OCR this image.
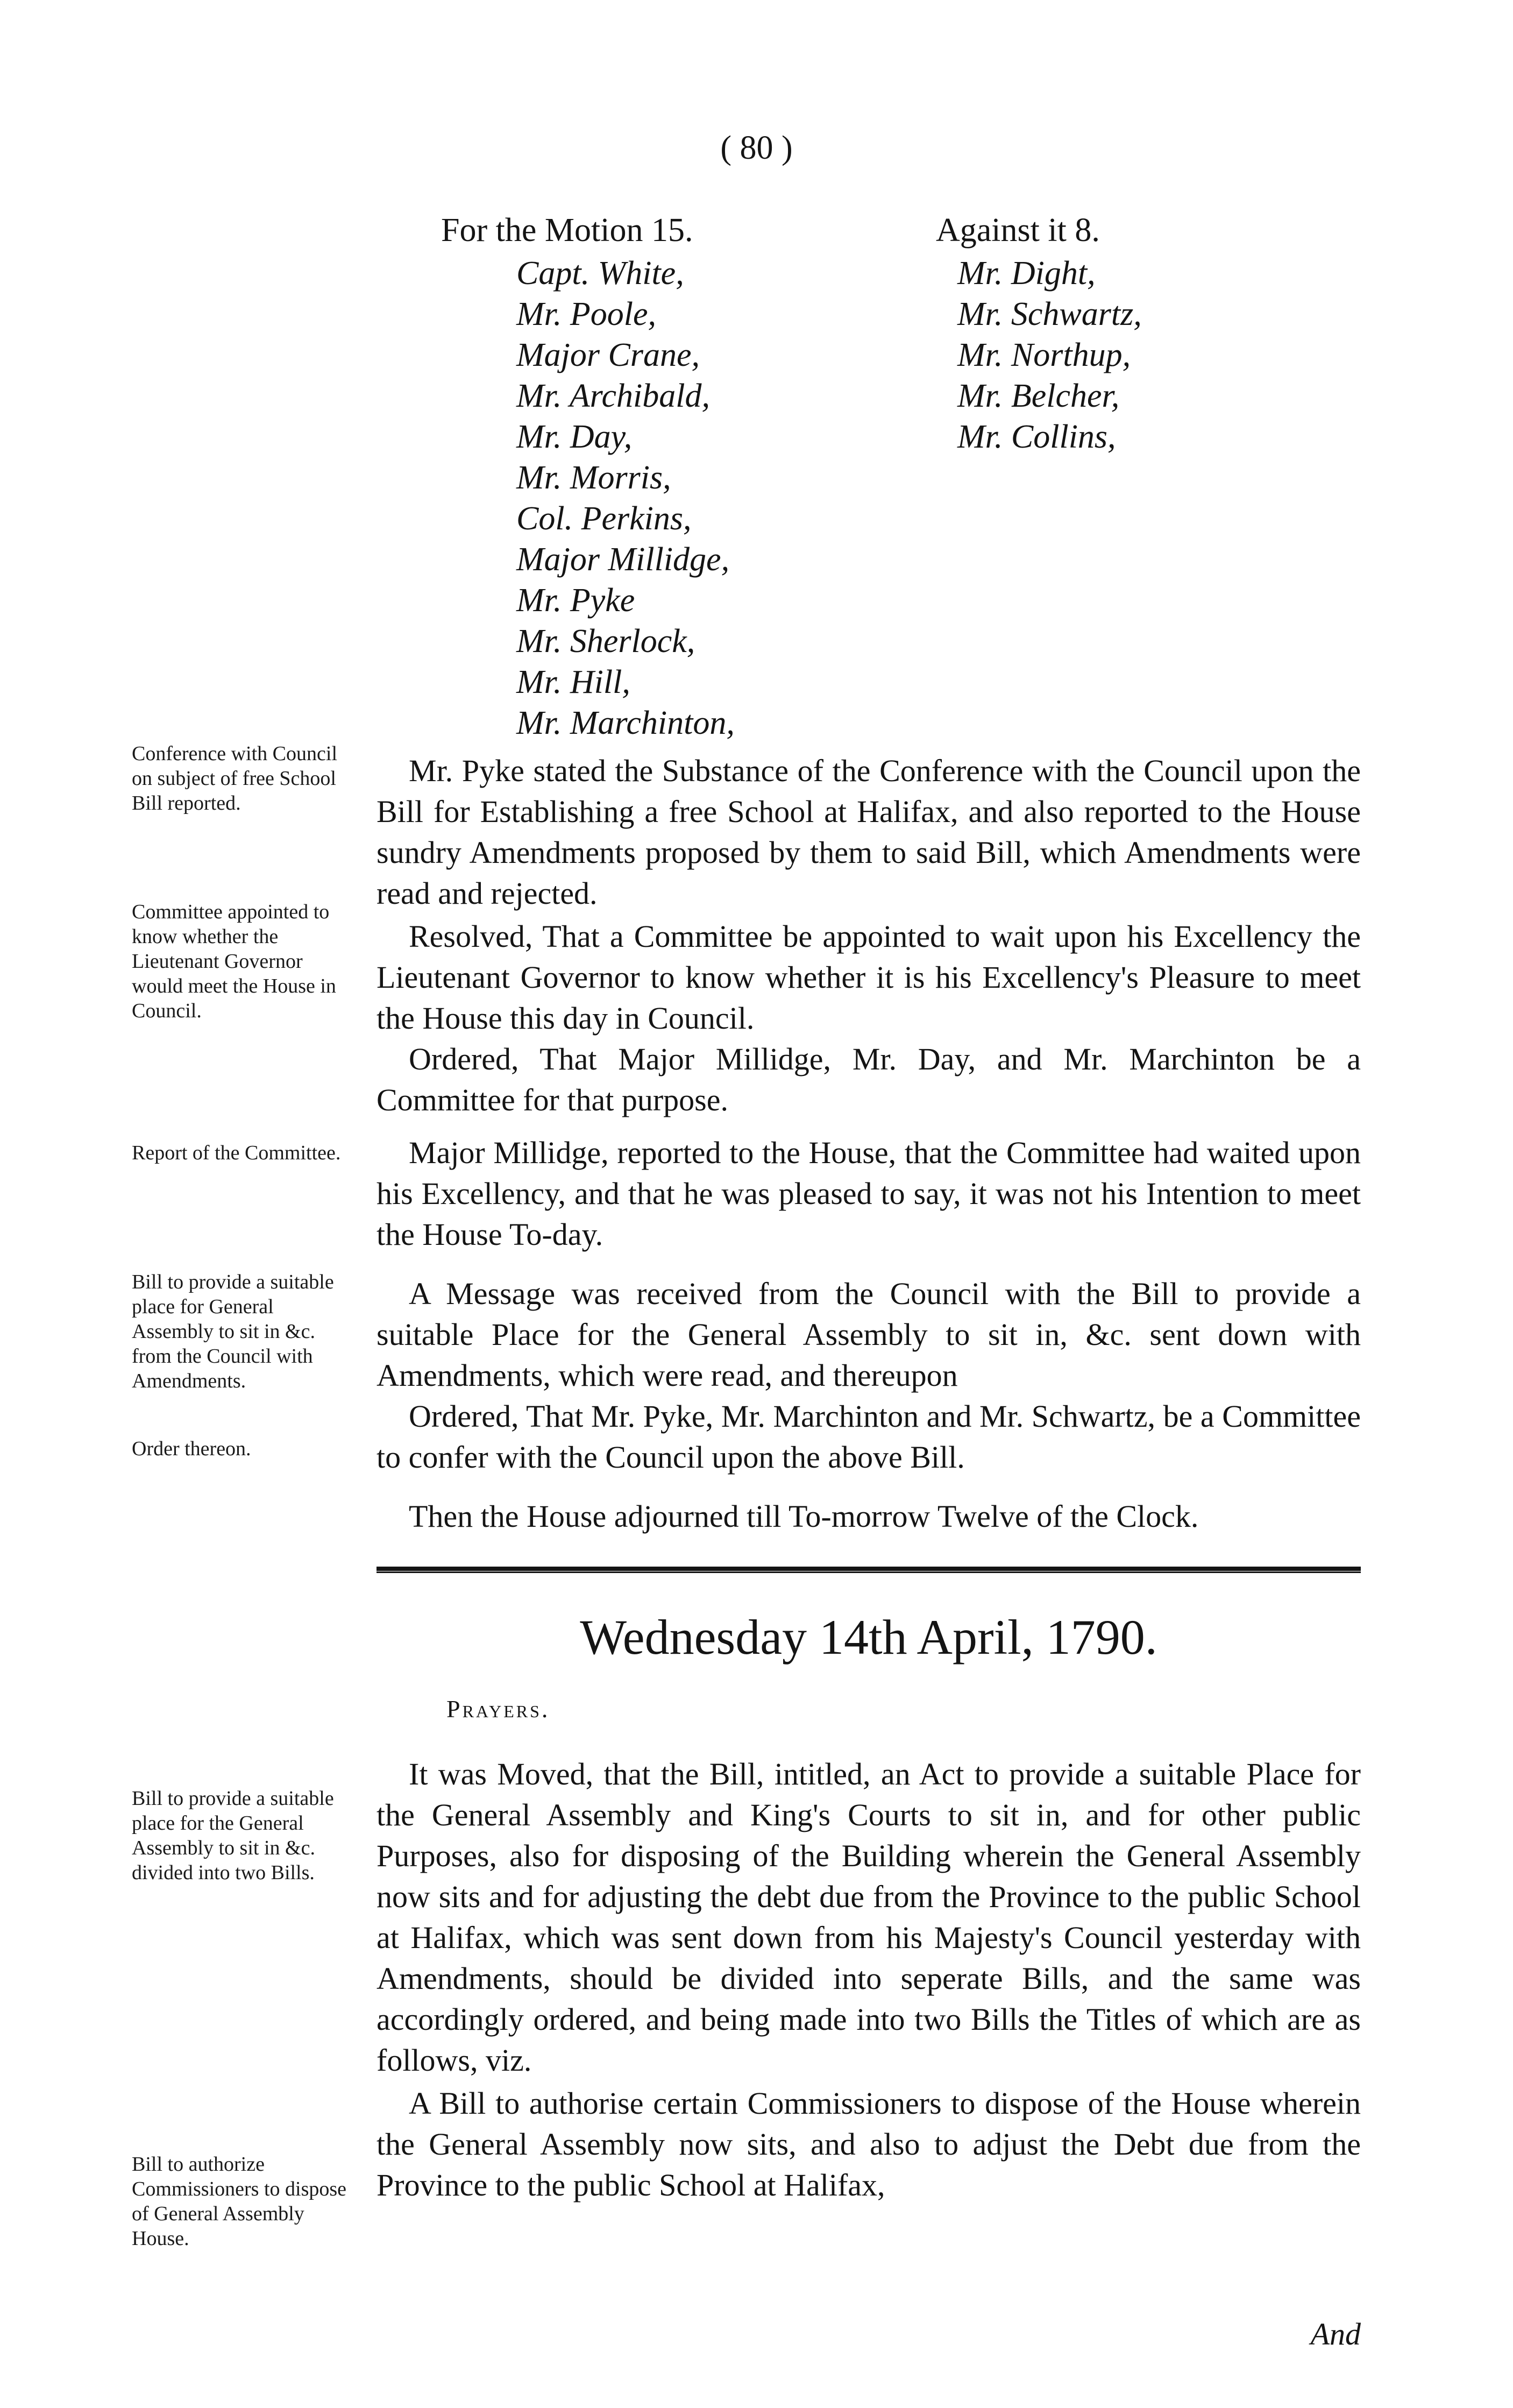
( 80 )
For the Motion 15.
Capt. White,
Mr. Poole,
Major Crane,
Mr. Archibald,
Mr. Day,
Mr. Morris,
Col. Perkins,
Major Millidge,
Mr. Pyke
Mr. Sherlock,
Mr. Hill,
Mr. Marchinton,
Against it 8.
Mr. Dight,
Mr. Schwartz,
Mr. Northup,
Mr. Belcher,
Mr. Collins,
Conference with Council on subject of free School Bill reported.
Committee appointed to know whether the Lieutenant Governor would meet the House in Council.
Report of the Committee.
Bill to provide a suitable place for General Assembly to sit in &c. from the Council with Amendments.
Order thereon.
Bill to provide a suitable place for the General Assembly to sit in &c. divided into two Bills.
Bill to authorize Commissioners to dispose of General Assembly House.

Mr. Pyke stated the Substance of the Conference with the Council upon the Bill for Establishing a free School at Halifax, and also reported to the House sundry Amendments proposed by them to said Bill, which Amendments were read and rejected.

Resolved, That a Committee be appointed to wait upon his Excellency the Lieutenant Governor to know whether it is his Excellency's Pleasure to meet the House this day in Council.

Ordered, That Major Millidge, Mr. Day, and Mr. Marchinton be a Committee for that purpose.

Major Millidge, reported to the House, that the Committee had waited upon his Excellency, and that he was pleased to say, it was not his Intention to meet the House To-day.

A Message was received from the Council with the Bill to provide a suitable Place for the General Assembly to sit in, &c. sent down with Amendments, which were read, and thereupon

Ordered, That Mr. Pyke, Mr. Marchinton and Mr. Schwartz, be a Committee to confer with the Council upon the above Bill.

Then the House adjourned till To-morrow Twelve of the Clock.

Wednesday 14th April, 1790.
Prayers.

It was Moved, that the Bill, intitled, an Act to provide a suitable Place for the General Assembly and King's Courts to sit in, and for other public Purposes, also for disposing of the Building wherein the General Assembly now sits and for adjusting the debt due from the Province to the public School at Halifax, which was sent down from his Majesty's Council yesterday with Amendments, should be divided into seperate Bills, and the same was accordingly ordered, and being made into two Bills the Titles of which are as follows, viz.

A Bill to authorise certain Commissioners to dispose of the House wherein the General Assembly now sits, and also to adjust the Debt due from the Province to the public School at Halifax,

And
